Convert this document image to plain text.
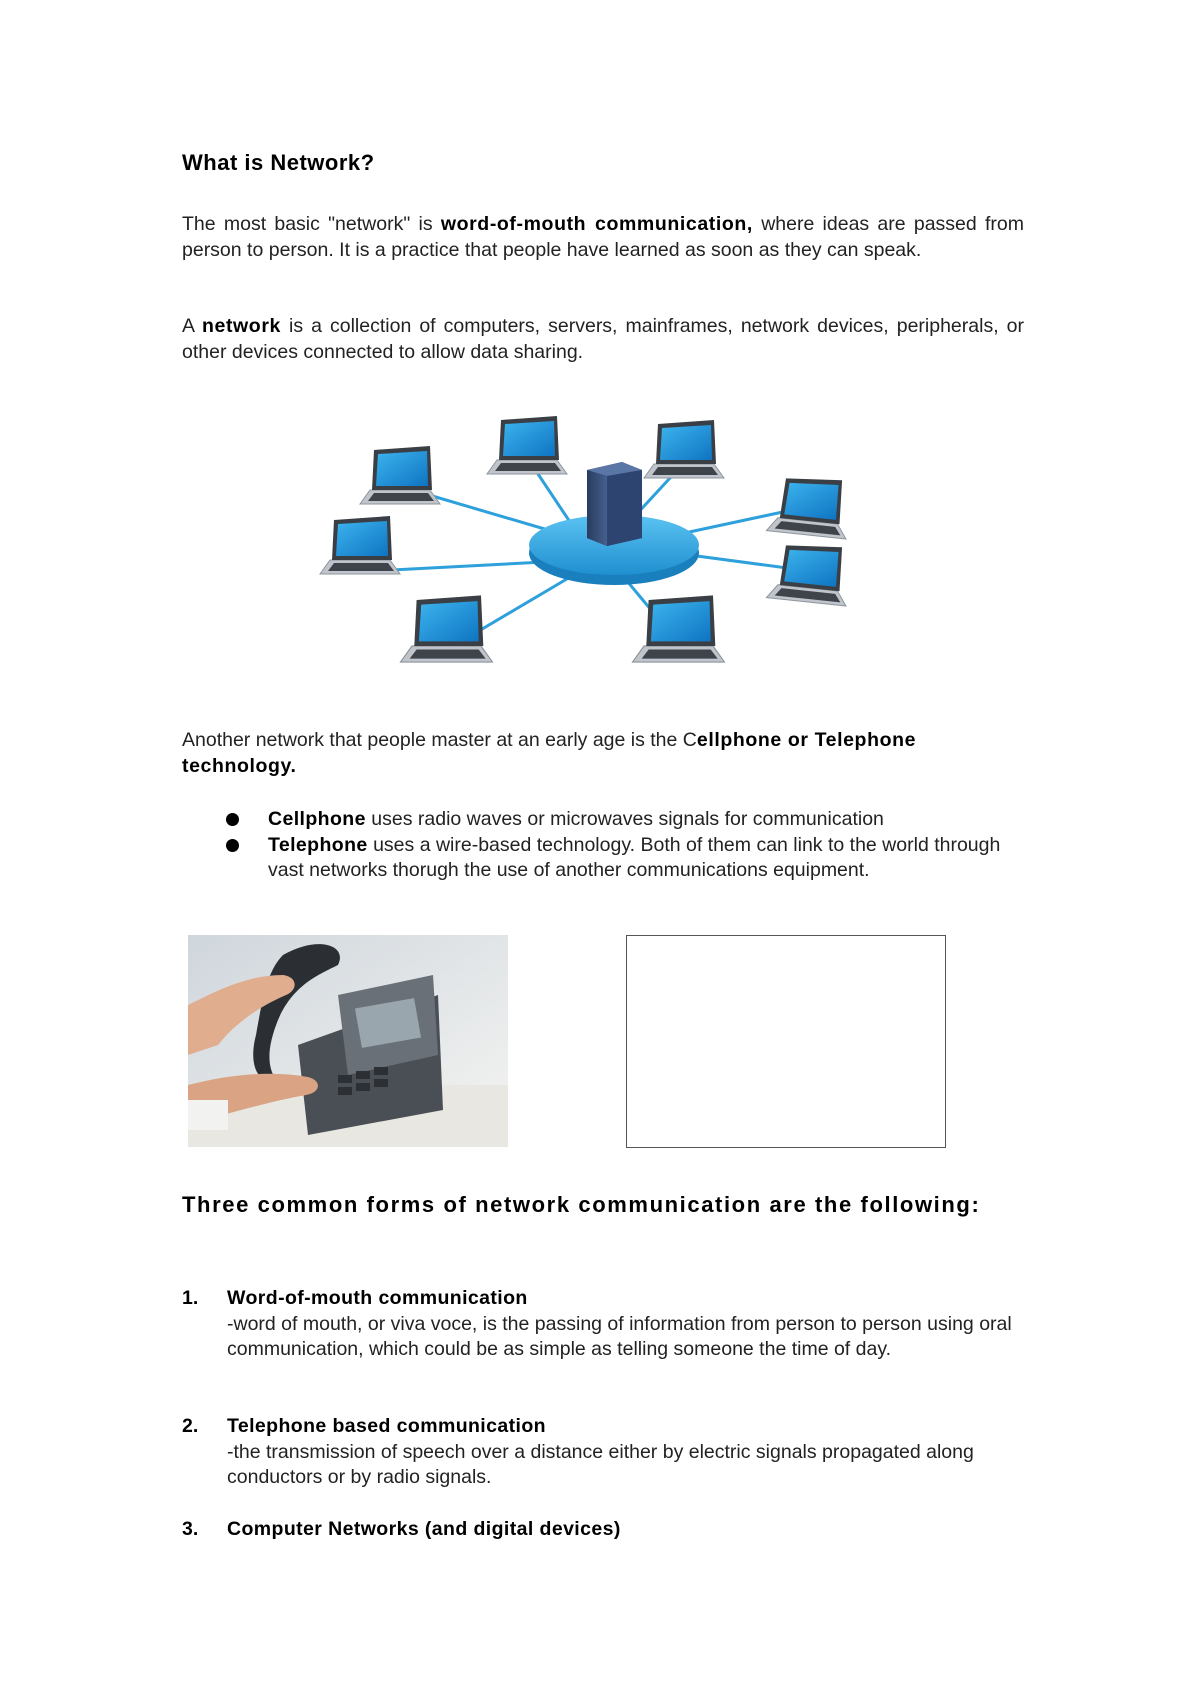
What is Network?

The most basic "network" is word-of-mouth communication, where ideas are passed from person to person. It is a practice that people have learned as soon as they can speak.

A network is a collection of computers, servers, mainframes, network devices, peripherals, or other devices connected to allow data sharing.

Another network that people master at an early age is the Cellphone or Telephone technology.

Cellphone uses radio waves or microwaves signals for communication
Telephone uses a wire-based technology. Both of them can link to the world through vast networks thorugh the use of another communications equipment.
Three common forms of network communication are the following:
1. Word-of-mouth communication
-word of mouth, or viva voce, is the passing of information from person to person using oral communication, which could be as simple as telling someone the time of day.
2. Telephone based communication
-the transmission of speech over a distance either by electric signals propagated along conductors or by radio signals.
3. Computer Networks (and digital devices)
